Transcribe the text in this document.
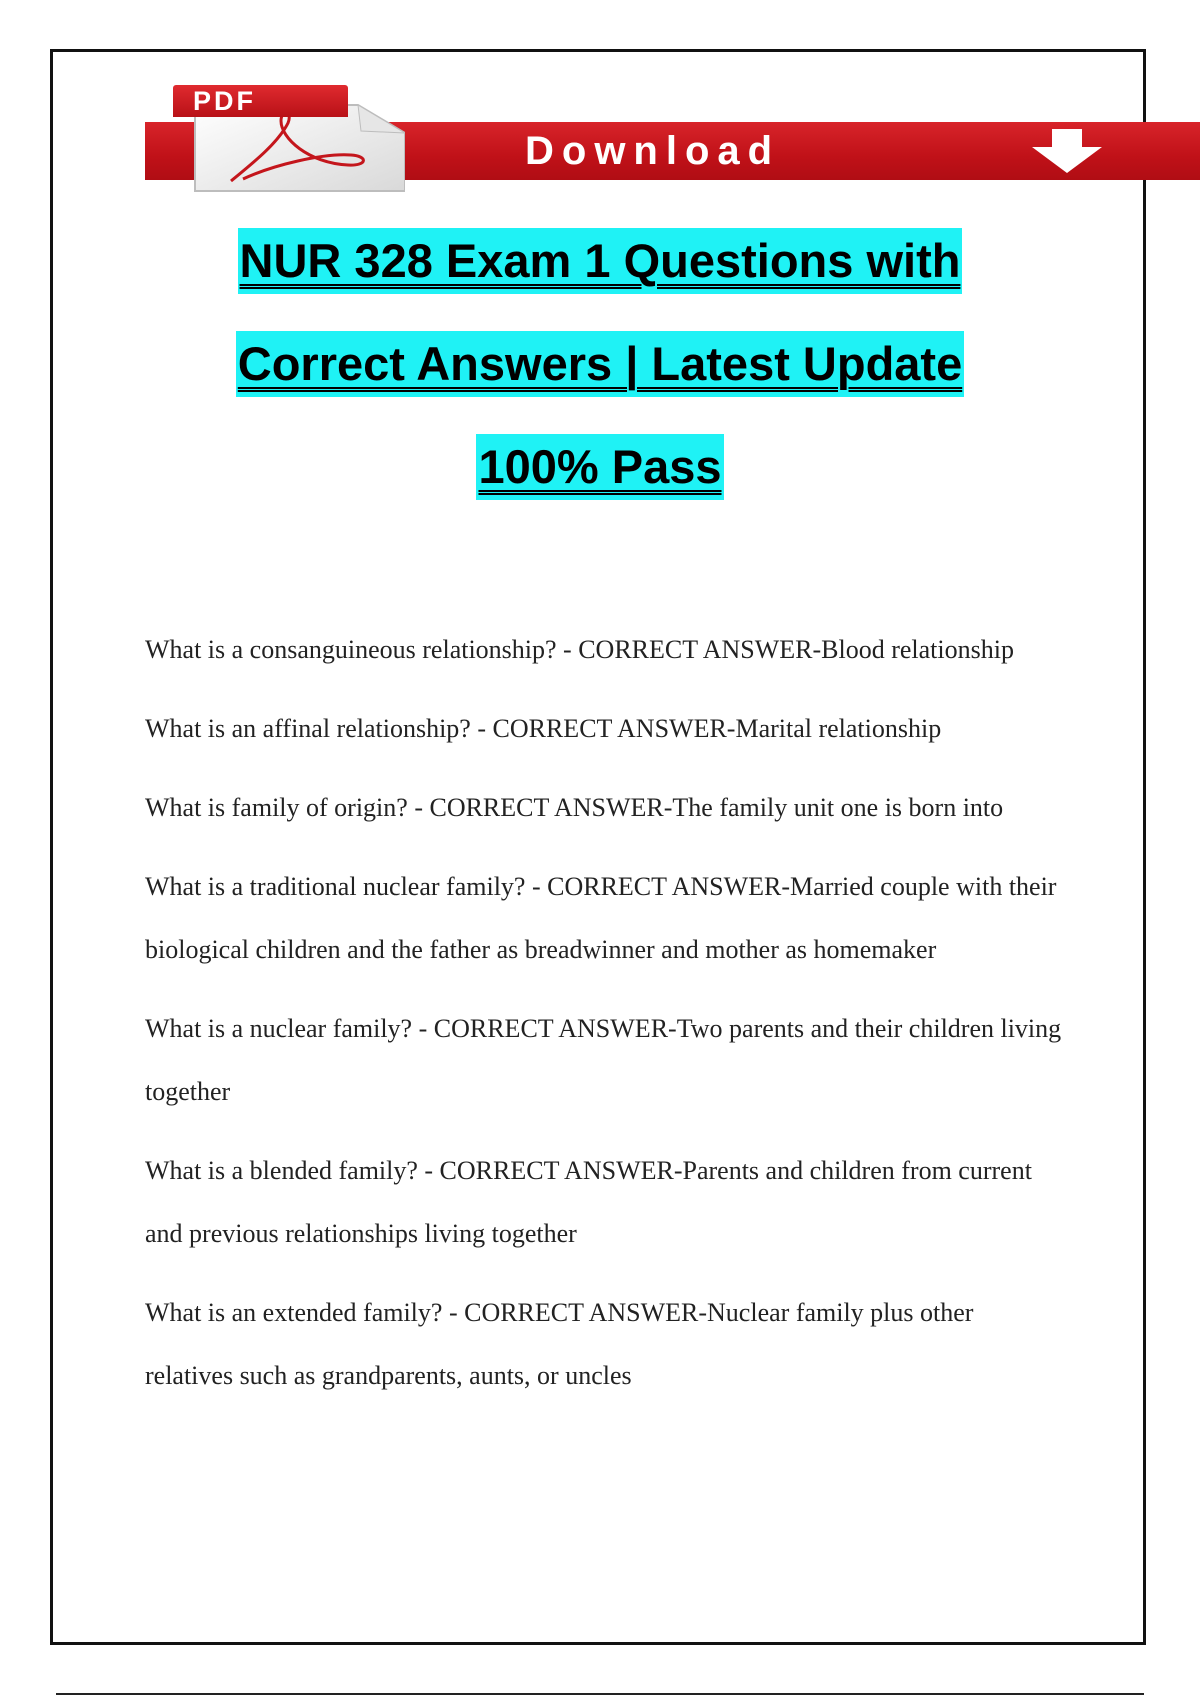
PDF
Download
NUR 328 Exam 1 Questions with
Correct Answers | Latest Update
100% Pass

What is a consanguineous relationship? - CORRECT ANSWER-Blood relationship

What is an affinal relationship? - CORRECT ANSWER-Marital relationship

What is family of origin? - CORRECT ANSWER-The family unit one is born into

What is a traditional nuclear family? - CORRECT ANSWER-Married couple with their biological children and the father as breadwinner and mother as homemaker

What is a nuclear family? - CORRECT ANSWER-Two parents and their children living together

What is a blended family? - CORRECT ANSWER-Parents and children from current and previous relationships living together

What is an extended family? - CORRECT ANSWER-Nuclear family plus other relatives such as grandparents, aunts, or uncles
